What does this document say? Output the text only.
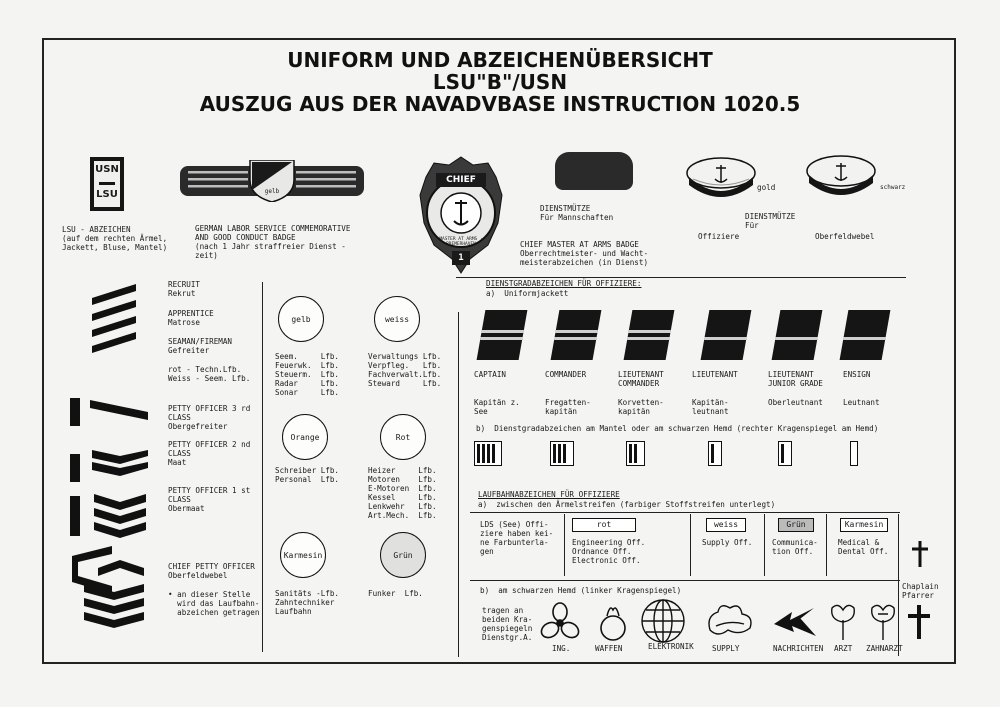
UNIFORM UND ABZEICHENÜBERSICHT
LSU"B"/USN
AUSZUG AUS DER NAVADVBASE INSTRUCTION 1020.5
USN
LSU
LSU - ABZEICHEN
(auf dem rechten Ärmel,
Jackett, Bluse, Mantel)
gelb
GERMAN LABOR SERVICE COMMEMORATIVE
AND GOOD CONDUCT BADGE
(nach 1 Jahr straffreier Dienst -
zeit)
CHIEF
1
MASTER AT ARMS · BREMERHAVEN	CHIEF MASTER AT ARMS BADGE
Oberrechtmeister- und Wacht-
meisterabzeichen (in Dienst)
DIENSTMÜTZE
Für Mannschaften
gold	schwarz
DIENSTMÜTZE
Für
Offiziere	Oberfeldwebel
RECRUIT
Rekrut
APPRENTICE
Matrose
SEAMAN/FIREMAN
Gefreiter
rot - Techn.Lfb.
Weiss - Seem. Lfb.
PETTY OFFICER 3 rd
CLASS
Obergefreiter
PETTY OFFICER 2 nd
CLASS
Maat
PETTY OFFICER 1 st
CLASS
Obermaat
CHIEF PETTY OFFICER
Oberfeldwebel
• an dieser Stelle
wird das Laufbahn-
abzeichen getragen
gelb
Seem.     Lfb.
Feuerwk.  Lfb.
Steuerm.  Lfb.
Radar     Lfb.
Sonar     Lfb.
weiss
Verwaltungs Lfb.
Verpfleg.   Lfb.
Fachverwalt.Lfb.
Steward     Lfb.
Orange
Schreiber Lfb.
Personal  Lfb.
Rot
Heizer     Lfb.
Motoren    Lfb.
E-Motoren  Lfb.
Kessel     Lfb.
Lenkwehr   Lfb.
Art.Mech.  Lfb.
Karmesin
Sanitäts -Lfb.
Zahntechniker
Laufbahn
Grün
Funker  Lfb.
DIENSTGRADABZEICHEN FÜR OFFIZIERE:
a)  Uniformjackett
CAPTAIN
Kapitän z.
See
COMMANDER
Fregatten-
kapitän
LIEUTENANT
COMMANDER
Korvetten-
kapitän
LIEUTENANT
Kapitän-
leutnant
LIEUTENANT
JUNIOR GRADE
Oberleutnant
ENSIGN
Leutnant
b)  Dienstgradabzeichen am Mantel oder am schwarzen Hemd (rechter Kragenspiegel am Hemd)
LAUFBAHNABZEICHEN FÜR OFFIZIERE
a)  zwischen den Ärmelstreifen (farbiger Stoffstreifen unterlegt)
LDS (See) Offi-
ziere haben kei-
ne Farbunterla-
gen
rot
Engineering Off.
Ordnance Off.
Electronic Off.
weiss
Supply Off.
Grün
Communica-
tion Off.
Karmesin
Medical &
Dental Off.
Chaplain
Pfarrer
b)  am schwarzen Hemd (linker Kragenspiegel)
tragen an
beiden Kra-
genspiegeln
Dienstgr.A.
ING.	WAFFEN	ELEKTRONIK SUPPLY	NACHRICHTEN ARZT ZAHNARZT
